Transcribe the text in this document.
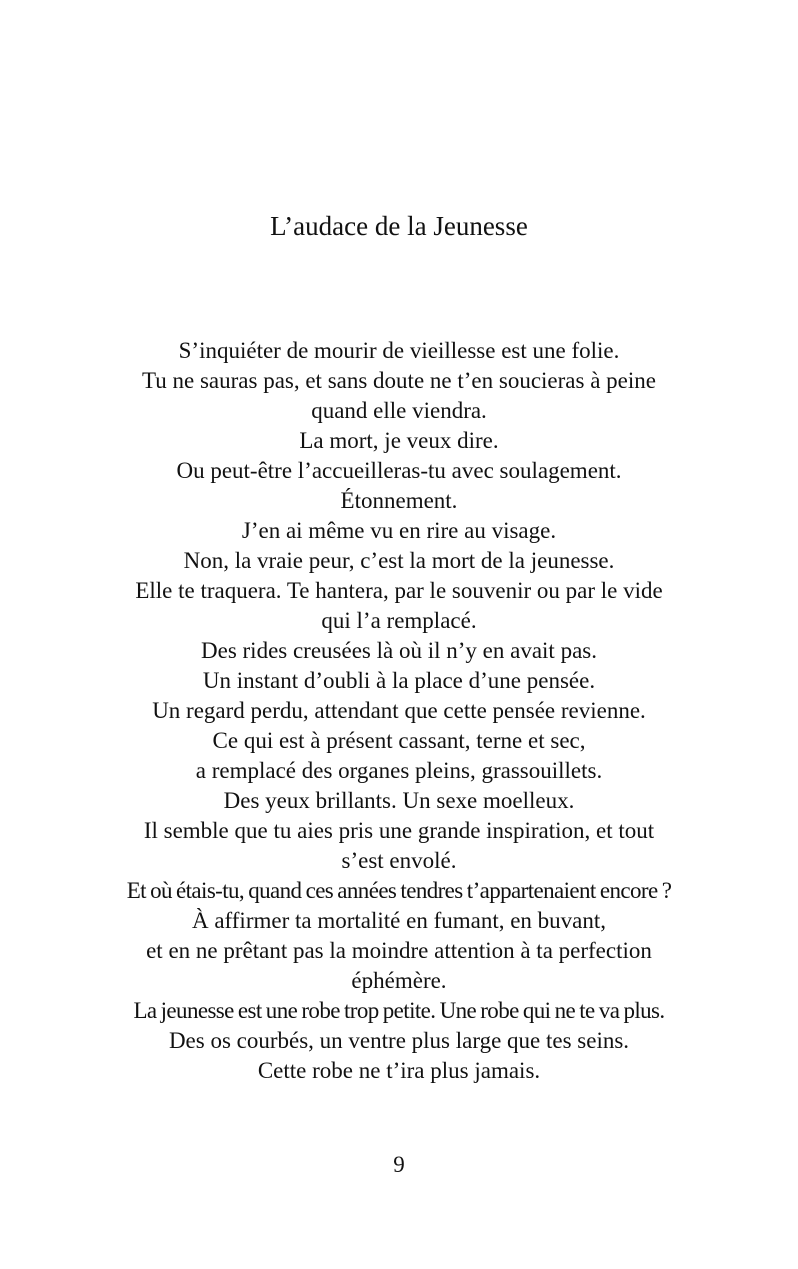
L’audace de la Jeunesse
S’inquiéter de mourir de vieillesse est une folie.
Tu ne sauras pas, et sans doute ne t’en soucieras à peine
quand elle viendra.
La mort, je veux dire.
Ou peut-être l’accueilleras-tu avec soulagement.
Étonnement.
J’en ai même vu en rire au visage.
Non, la vraie peur, c’est la mort de la jeunesse.
Elle te traquera. Te hantera, par le souvenir ou par le vide
qui l’a remplacé.
Des rides creusées là où il n’y en avait pas.
Un instant d’oubli à la place d’une pensée.
Un regard perdu, attendant que cette pensée revienne.
Ce qui est à présent cassant, terne et sec,
a remplacé des organes pleins, grassouillets.
Des yeux brillants. Un sexe moelleux.
Il semble que tu aies pris une grande inspiration, et tout
s’est envolé.
Et où étais-tu, quand ces années tendres t’appartenaient encore ?
À affirmer ta mortalité en fumant, en buvant,
et en ne prêtant pas la moindre attention à ta perfection
éphémère.
La jeunesse est une robe trop petite. Une robe qui ne te va plus.
Des os courbés, un ventre plus large que tes seins.
Cette robe ne t’ira plus jamais.
9
